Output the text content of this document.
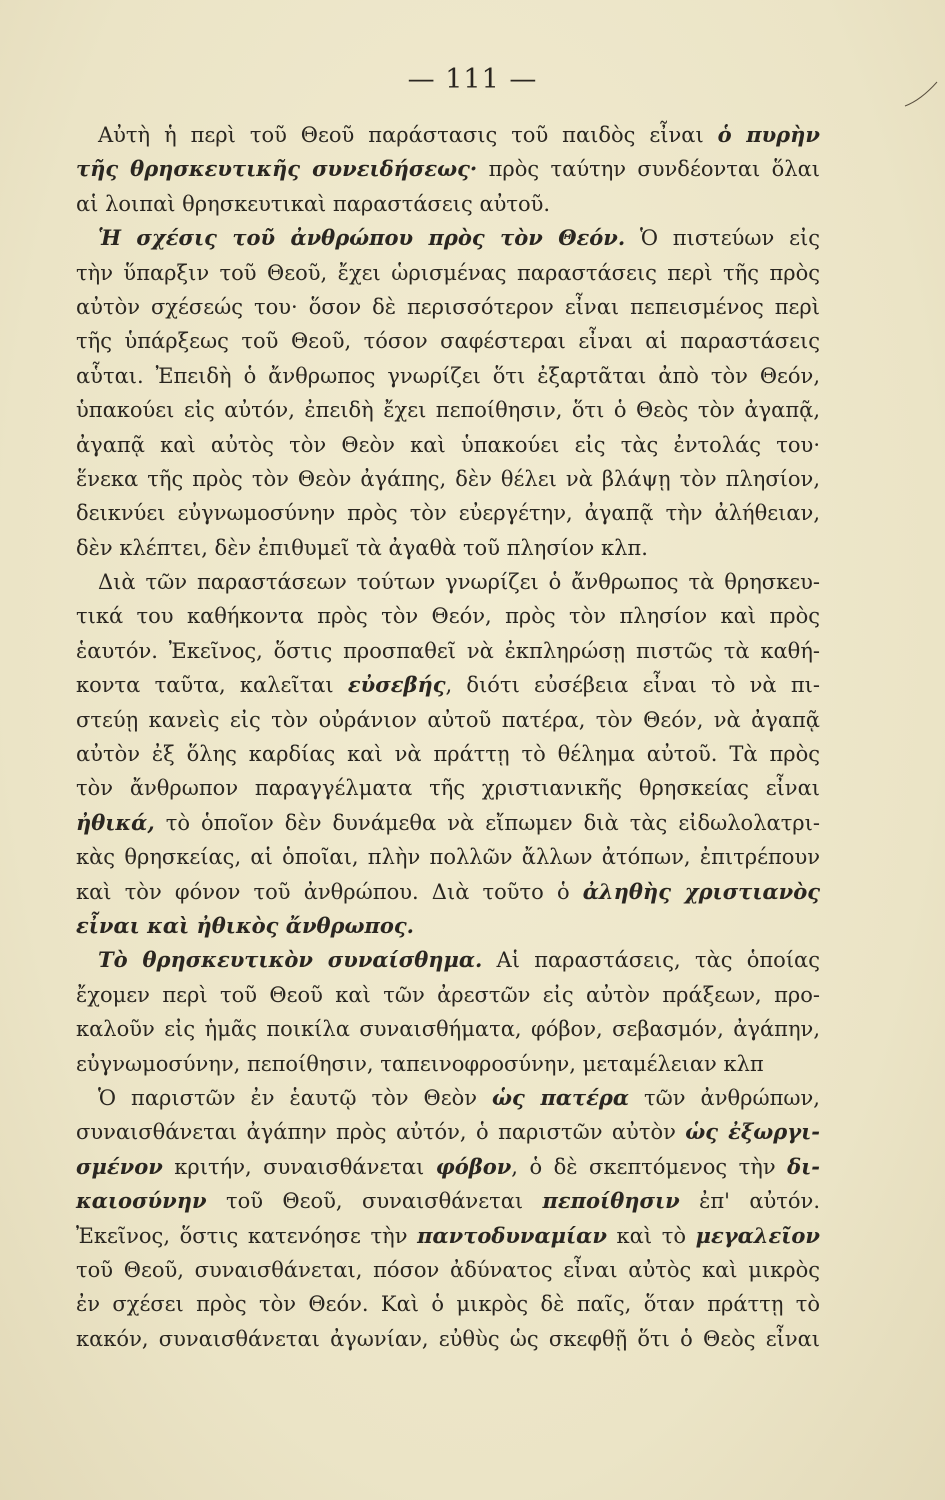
— 111 —
Αὐτὴ ἡ περὶ τοῦ Θεοῦ παράστασις τοῦ παιδὸς εἶναι ὁ πυρὴν
τῆς θρησκευτικῆς συνειδήσεως· πρὸς ταύτην συνδέονται ὅλαι
αἱ λοιπαὶ θρησκευτικαὶ παραστάσεις αὐτοῦ.
Ἡ σχέσις τοῦ ἀνθρώπου πρὸς τὸν Θεόν. Ὁ πιστεύων εἰς
τὴν ὕπαρξιν τοῦ Θεοῦ, ἔχει ὡρισμένας παραστάσεις περὶ τῆς πρὸς
αὐτὸν σχέσεώς του· ὅσον δὲ περισσότερον εἶναι πεπεισμένος περὶ
τῆς ὑπάρξεως τοῦ Θεοῦ, τόσον σαφέστεραι εἶναι αἱ παραστάσεις
αὗται. Ἐπειδὴ ὁ ἄνθρωπος γνωρίζει ὅτι ἐξαρτᾶται ἀπὸ τὸν Θεόν,
ὑπακούει εἰς αὐτόν, ἐπειδὴ ἔχει πεποίθησιν, ὅτι ὁ Θεὸς τὸν ἀγαπᾷ,
ἀγαπᾷ καὶ αὐτὸς τὸν Θεὸν καὶ ὑπακούει εἰς τὰς ἐντολάς του·
ἕνεκα τῆς πρὸς τὸν Θεὸν ἀγάπης, δὲν θέλει νὰ βλάψῃ τὸν πλησίον,
δεικνύει εὐγνωμοσύνην πρὸς τὸν εὐεργέτην, ἀγαπᾷ τὴν ἀλήθειαν,
δὲν κλέπτει, δὲν ἐπιθυμεῖ τὰ ἀγαθὰ τοῦ πλησίον κλπ.
Διὰ τῶν παραστάσεων τούτων γνωρίζει ὁ ἄνθρωπος τὰ θρησκευ-
τικά του καθήκοντα πρὸς τὸν Θεόν, πρὸς τὸν πλησίον καὶ πρὸς
ἑαυτόν. Ἐκεῖνος, ὅστις προσπαθεῖ νὰ ἐκπληρώσῃ πιστῶς τὰ καθή-
κοντα ταῦτα, καλεῖται εὐσεβής, διότι εὐσέβεια εἶναι τὸ νὰ πι-
στεύῃ κανεὶς εἰς τὸν οὐράνιον αὐτοῦ πατέρα, τὸν Θεόν, νὰ ἀγαπᾷ
αὐτὸν ἐξ ὅλης καρδίας καὶ νὰ πράττῃ τὸ θέλημα αὐτοῦ. Τὰ πρὸς
τὸν ἄνθρωπον παραγγέλματα τῆς χριστιανικῆς θρησκείας εἶναι
ἠθικά, τὸ ὁποῖον δὲν δυνάμεθα νὰ εἴπωμεν διὰ τὰς εἰδωλολατρι-
κὰς θρησκείας, αἱ ὁποῖαι, πλὴν πολλῶν ἄλλων ἀτόπων, ἐπιτρέπουν
καὶ τὸν φόνον τοῦ ἀνθρώπου. Διὰ τοῦτο ὁ ἀληθὴς χριστιανὸς
εἶναι καὶ ἠθικὸς ἄνθρωπος.
Τὸ θρησκευτικὸν συναίσθημα. Αἱ παραστάσεις, τὰς ὁποίας
ἔχομεν περὶ τοῦ Θεοῦ καὶ τῶν ἀρεστῶν εἰς αὐτὸν πράξεων, προ-
καλοῦν εἰς ἡμᾶς ποικίλα συναισθήματα, φόβον, σεβασμόν, ἀγάπην,
εὐγνωμοσύνην, πεποίθησιν, ταπεινοφροσύνην, μεταμέλειαν κλπ
Ὁ παριστῶν ἐν ἑαυτῷ τὸν Θεὸν ὡς πατέρα τῶν ἀνθρώπων,
συναισθάνεται ἀγάπην πρὸς αὐτόν, ὁ παριστῶν αὐτὸν ὡς ἐξωργι-
σμένον κριτήν, συναισθάνεται φόβον, ὁ δὲ σκεπτόμενος τὴν δι-
καιοσύνην τοῦ Θεοῦ, συναισθάνεται πεποίθησιν ἐπ' αὐτόν.
Ἐκεῖνος, ὅστις κατενόησε τὴν παντοδυναμίαν καὶ τὸ μεγαλεῖον
τοῦ Θεοῦ, συναισθάνεται, πόσον ἀδύνατος εἶναι αὐτὸς καὶ μικρὸς
ἐν σχέσει πρὸς τὸν Θεόν. Καὶ ὁ μικρὸς δὲ παῖς, ὅταν πράττῃ τὸ
κακόν, συναισθάνεται ἀγωνίαν, εὐθὺς ὡς σκεφθῇ ὅτι ὁ Θεὸς εἶναι
